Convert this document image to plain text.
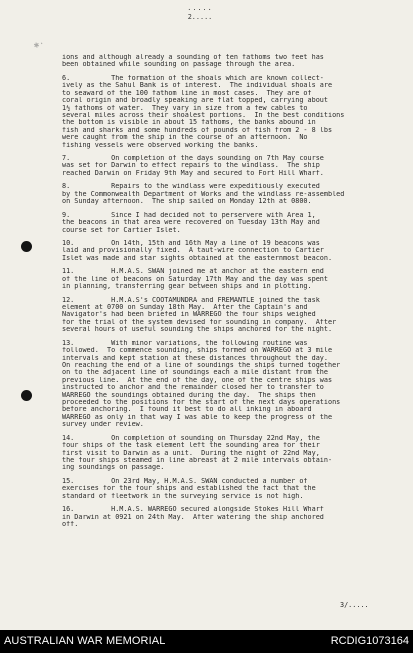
.....
2.....
✱·
ions and although already a sounding of ten fathoms two feet has
been obtained while sounding on passage through the area.
6.          The formation of the shoals which are known collect-
ively as the Sahul Bank is of interest.  The individual shoals are
to seaward of the 100 fathom line in most cases.  They are of
coral origin and broadly speaking are flat topped, carrying about
1½ fathoms of water.  They vary in size from a few cables to
several miles across their shoalest portions.  In the best conditions
the bottom is visible in about 15 fathoms, the banks abound in
fish and sharks and some hundreds of pounds of fish from 2 - 8 lbs
were caught from the ship in the course of an afternoon.  No
fishing vessels were observed working the banks.
7.          On completion of the days sounding on 7th May course
was set for Darwin to effect repairs to the windlass.  The ship
reached Darwin on Friday 9th May and secured to Fort Hill Wharf.
8.          Repairs to the windlass were expeditiously executed
by the Commonwealth Department of Works and the windlass re-assembled
on Sunday afternoon.  The ship sailed on Monday 12th at 0800.
9.          Since I had decided not to perservere with Area 1,
the beacons in that area were recovered on Tuesday 13th May and
course set for Cartier Islet.
10.         On 14th, 15th and 16th May a line of 19 beacons was
laid and provisionally fixed.  A taut-wire connection to Cartier
Islet was made and star sights obtained at the easternmost beacon.
11.         H.M.A.S. SWAN joined me at anchor at the eastern end
of the line of beacons on Saturday 17th May and the day was spent
in planning, transferring gear between ships and in plotting.
12.         H.M.A.S's COOTAMUNDRA and FREMANTLE joined the task
element at 0700 on Sunday 18th May.  After the Captain's and
Navigator's had been briefed in WARREGO the four ships weighed
for the trial of the system devised for sounding in company.  After
several hours of useful sounding the ships anchored for the night.
13.         With minor variations, the following routine was
followed.  To commence sounding, ships formed on WARREGO at 3 mile
intervals and kept station at these distances throughout the day.
On reaching the end of a line of soundings the ships turned together
on to the adjacent line of soundings each a mile distant from the
previous line.  At the end of the day, one of the centre ships was
instructed to anchor and the remainder closed her to transfer to
WARREGO the soundings obtained during the day.  The ships then
proceeded to the positions for the start of the next days operations
before anchoring.  I found it best to do all inking in aboard
WARREGO as only in that way I was able to keep the progress of the
survey under review.
14.         On completion of sounding on Thursday 22nd May, the
four ships of the task element left the sounding area for their
first visit to Darwin as a unit.  During the night of 22nd May,
the four ships steamed in line abreast at 2 mile intervals obtain-
ing soundings on passage.
15.         On 23rd May, H.M.A.S. SWAN conducted a number of
exercises for the four ships and established the fact that the
standard of fleetwork in the surveying service is not high.
16.         H.M.A.S. WARREGO secured alongside Stokes Hill Wharf
in Darwin at 0921 on 24th May.  After watering the ship anchored
off.
3/.....
AUSTRALIAN WAR MEMORIAL	RCDIG1073164
